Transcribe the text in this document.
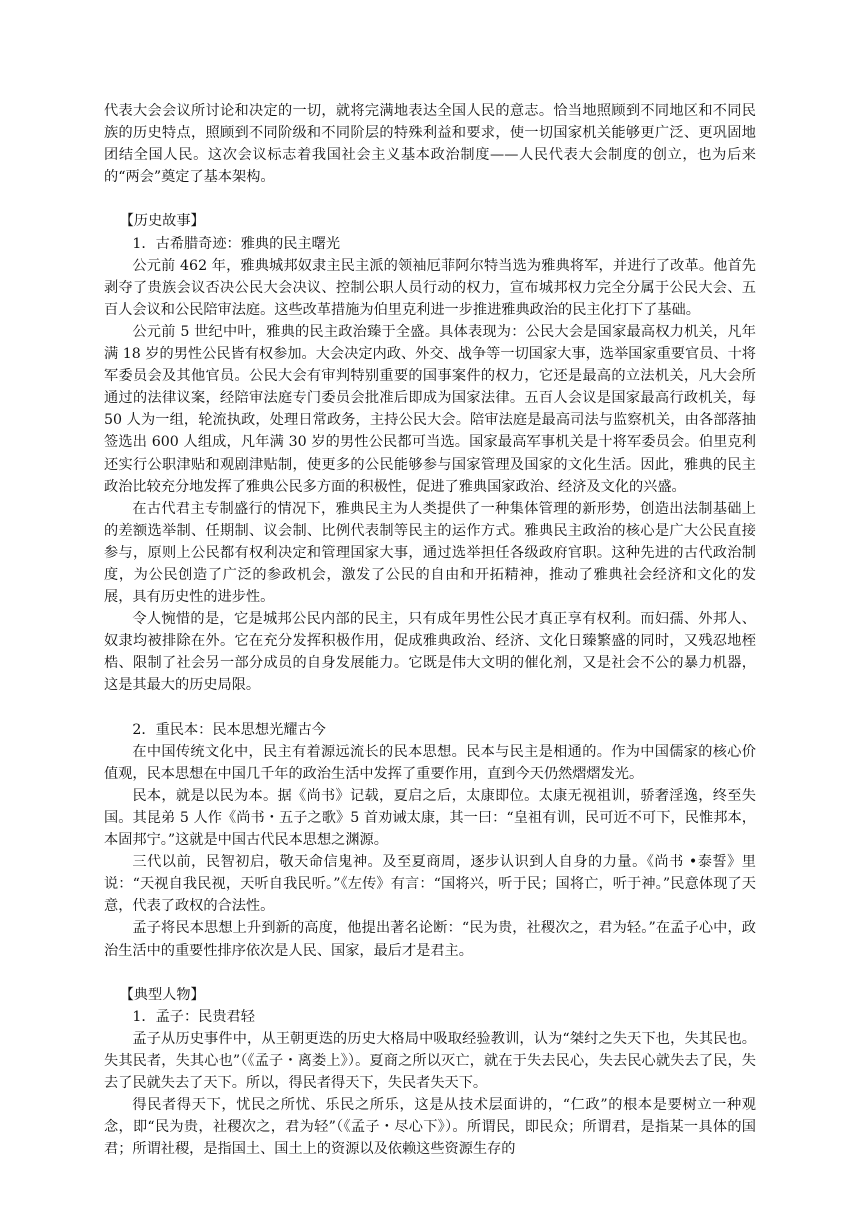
代表大会会议所讨论和决定的一切，就将完满地表达全国人民的意志。恰当地照顾到不同地区和不同民族的历史特点，照顾到不同阶级和不同阶层的特殊利益和要求，使一切国家机关能够更广泛、更巩固地团结全国人民。这次会议标志着我国社会主义基本政治制度——人民代表大会制度的创立，也为后来的“两会”奠定了基本架构。

【历史故事】

1．古希腊奇迹：雅典的民主曙光

公元前 462 年，雅典城邦奴隶主民主派的领袖厄菲阿尔特当选为雅典将军，并进行了改革。他首先剥夺了贵族会议否决公民大会决议、控制公职人员行动的权力，宣布城邦权力完全分属于公民大会、五百人会议和公民陪审法庭。这些改革措施为伯里克利进一步推进雅典政治的民主化打下了基础。

公元前 5 世纪中叶，雅典的民主政治臻于全盛。具体表现为：公民大会是国家最高权力机关，凡年满 18 岁的男性公民皆有权参加。大会决定内政、外交、战争等一切国家大事，选举国家重要官员、十将军委员会及其他官员。公民大会有审判特别重要的国事案件的权力，它还是最高的立法机关，凡大会所通过的法律议案，经陪审法庭专门委员会批准后即成为国家法律。五百人会议是国家最高行政机关，每 50 人为一组，轮流执政，处理日常政务，主持公民大会。陪审法庭是最高司法与监察机关，由各部落抽签选出 600 人组成，凡年满 30 岁的男性公民都可当选。国家最高军事机关是十将军委员会。伯里克利还实行公职津贴和观剧津贴制，使更多的公民能够参与国家管理及国家的文化生活。因此，雅典的民主政治比较充分地发挥了雅典公民多方面的积极性，促进了雅典国家政治、经济及文化的兴盛。

在古代君主专制盛行的情况下，雅典民主为人类提供了一种集体管理的新形势，创造出法制基础上的差额选举制、任期制、议会制、比例代表制等民主的运作方式。雅典民主政治的核心是广大公民直接参与，原则上公民都有权利决定和管理国家大事，通过选举担任各级政府官职。这种先进的古代政治制度，为公民创造了广泛的参政机会，激发了公民的自由和开拓精神，推动了雅典社会经济和文化的发展，具有历史性的进步性。

令人惋惜的是，它是城邦公民内部的民主，只有成年男性公民才真正享有权利。而妇孺、外邦人、奴隶均被排除在外。它在充分发挥积极作用，促成雅典政治、经济、文化日臻繁盛的同时，又残忍地桎梏、限制了社会另一部分成员的自身发展能力。它既是伟大文明的催化剂，又是社会不公的暴力机器，这是其最大的历史局限。

2．重民本：民本思想光耀古今

在中国传统文化中，民主有着源远流长的民本思想。民本与民主是相通的。作为中国儒家的核心价值观，民本思想在中国几千年的政治生活中发挥了重要作用，直到今天仍然熠熠发光。

民本，就是以民为本。据《尚书》记载，夏启之后，太康即位。太康无视祖训，骄奢淫逸，终至失国。其昆弟 5 人作《尚书・五子之歌》5 首劝诫太康，其一曰：“皇祖有训，民可近不可下，民惟邦本，本固邦宁。”这就是中国古代民本思想之渊源。

三代以前，民智初启，敬天命信鬼神。及至夏商周，逐步认识到人自身的力量。《尚书 •泰誓》里说：“天视自我民视，天听自我民听。”《左传》有言：“国将兴，听于民；国将亡，听于神。”民意体现了天意，代表了政权的合法性。

孟子将民本思想上升到新的高度，他提出著名论断：“民为贵，社稷次之，君为轻。”在孟子心中，政治生活中的重要性排序依次是人民、国家，最后才是君主。

【典型人物】

1．孟子：民贵君轻

孟子从历史事件中，从王朝更迭的历史大格局中吸取经验教训，认为“桀纣之失天下也，失其民也。失其民者，失其心也”（《孟子・离娄上》）。夏商之所以灭亡，就在于失去民心，失去民心就失去了民，失去了民就失去了天下。所以，得民者得天下，失民者失天下。

得民者得天下，忧民之所忧、乐民之所乐，这是从技术层面讲的，“仁政”的根本是要树立一种观念，即“民为贵，社稷次之，君为轻”（《孟子・尽心下》）。所谓民，即民众；所谓君，是指某一具体的国君；所谓社稷，是指国土、国土上的资源以及依赖这些资源生存的
